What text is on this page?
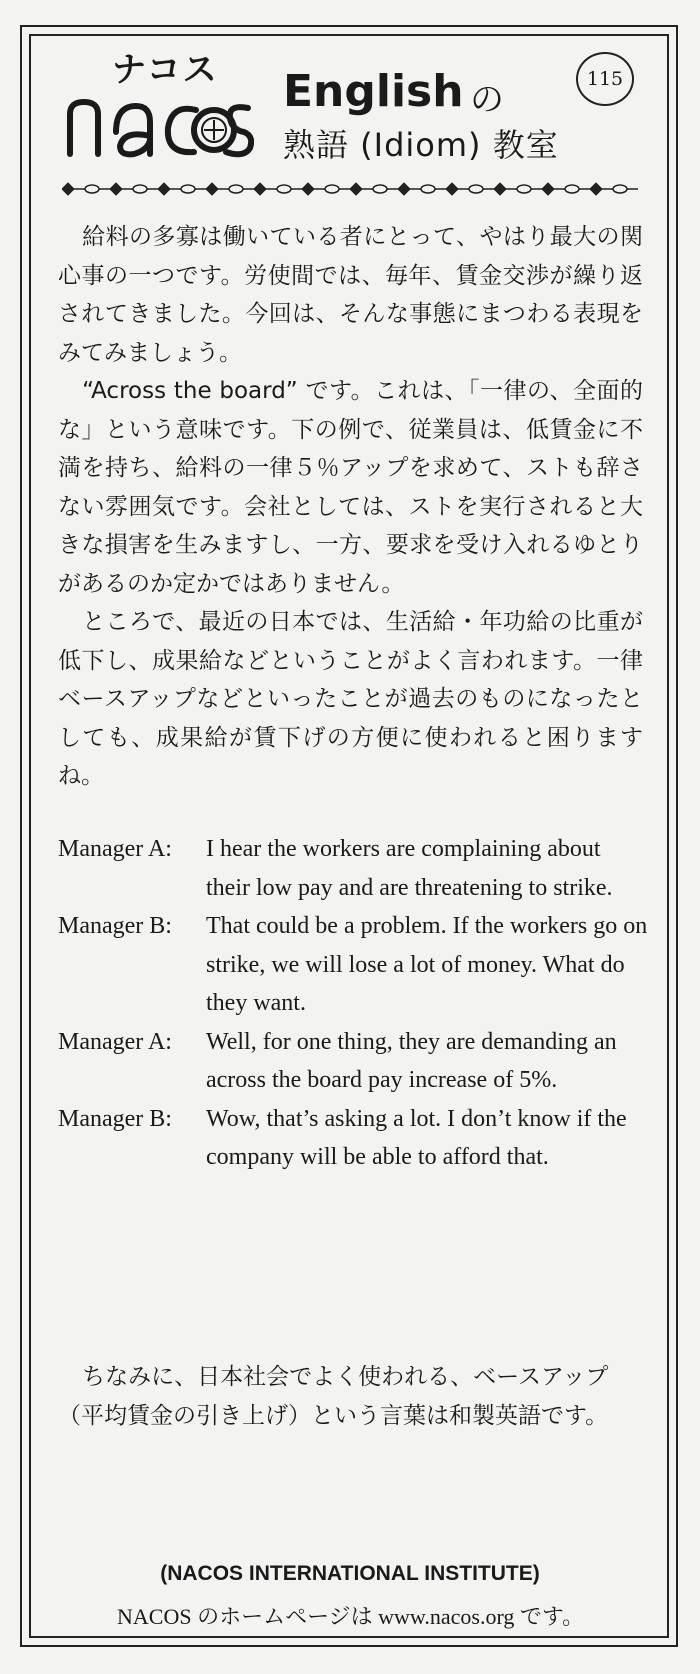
ナコス English の
熟語 (Idiom) 教室
115

給料の多寡は働いている者にとって、やはり最大の関心事の一つです。労使間では、毎年、賃金交渉が繰り返されてきました。今回は、そんな事態にまつわる表現をみてみましょう。

“Across the board” です。これは、「一律の、全面的な」という意味です。下の例で、従業員は、低賃金に不満を持ち、給料の一律５％アップを求めて、ストも辞さない雰囲気です。会社としては、ストを実行されると大きな損害を生みますし、一方、要求を受け入れるゆとりがあるのか定かではありません。

ところで、最近の日本では、生活給・年功給の比重が低下し、成果給などということがよく言われます。一律ベースアップなどといったことが過去のものになったとしても、成果給が賃下げの方便に使われると困りますね。

Manager A:	I hear the workers are complaining about their low pay and are threatening to strike.
Manager B:	That could be a problem. If the workers go on strike, we will lose a lot of money. What do they want.
Manager A:	Well, for one thing, they are demanding an across the board pay increase of 5%.
Manager B:	Wow, that’s asking a lot. I don’t know if the company will be able to afford that.

ちなみに、日本社会でよく使われる、ベースアップ（平均賃金の引き上げ）という言葉は和製英語です。

(NACOS INTERNATIONAL INSTITUTE)
NACOS のホームページは www.nacos.org です。
